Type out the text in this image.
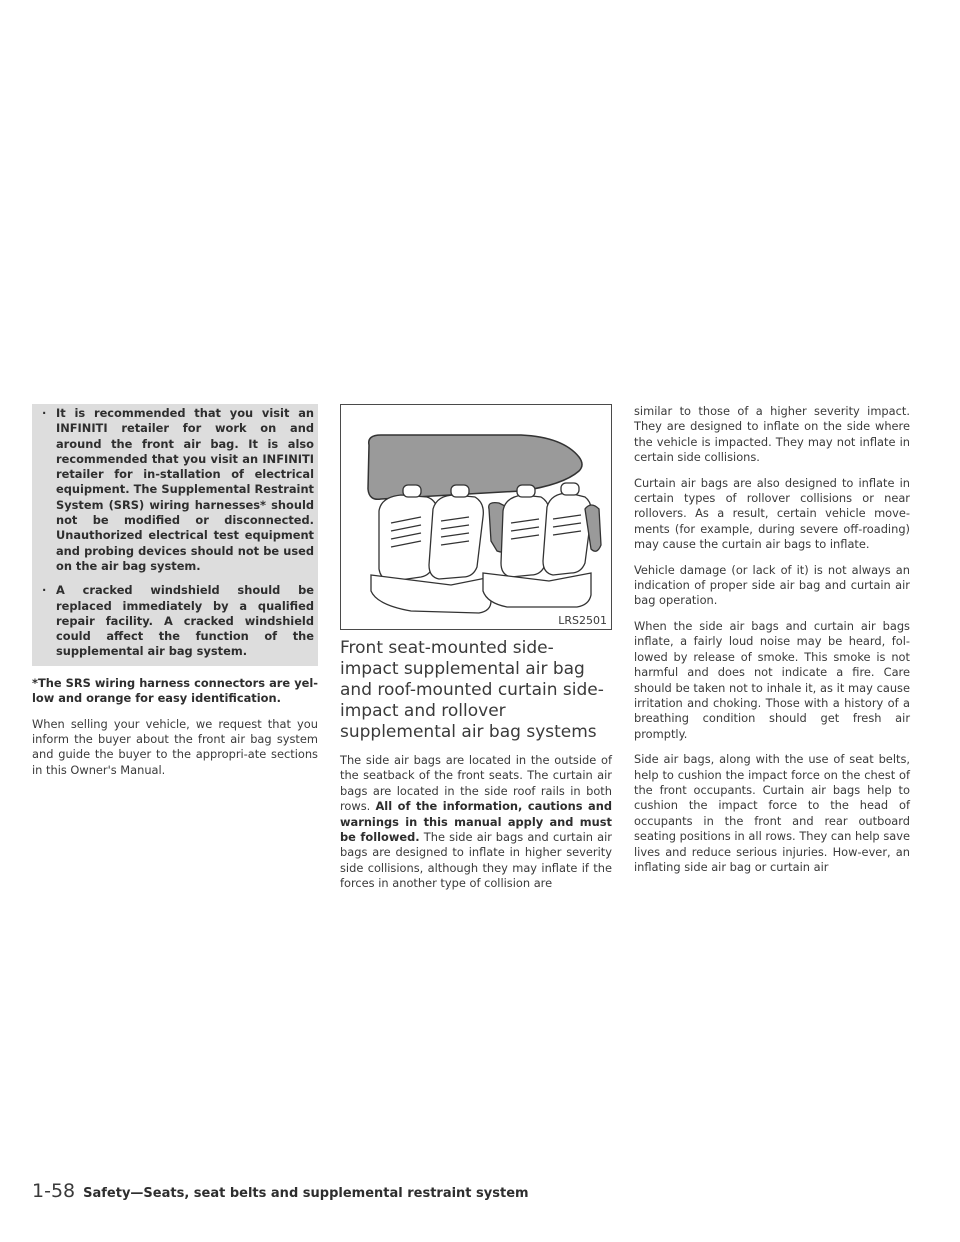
· It is recommended that you visit an INFINITI retailer for work on and around the front air bag. It is also recommended that you visit an INFINITI retailer for in-stallation of electrical equipment. The Supplemental Restraint System (SRS) wiring harnesses* should not be modified or disconnected. Unauthorized electrical test equipment and probing devices should not be used on the air bag system.
· A cracked windshield should be replaced immediately by a qualified repair facility. A cracked windshield could affect the function of the supplemental air bag system.

*The SRS wiring harness connectors are yel-low and orange for easy identification.

When selling your vehicle, we request that you inform the buyer about the front air bag system and guide the buyer to the appropri-ate sections in this Owner's Manual.

LRS2501
Front seat-mounted side-impact supplemental air bag and roof-mounted curtain side-impact and rollover supplemental air bag systems

The side air bags are located in the outside of the seatback of the front seats. The curtain air bags are located in the side roof rails in both rows. All of the information, cautions and warnings in this manual apply and must be followed. The side air bags and curtain air bags are designed to inflate in higher severity side collisions, although they may inflate if the forces in another type of collision are

similar to those of a higher severity impact. They are designed to inflate on the side where the vehicle is impacted. They may not inflate in certain side collisions.

Curtain air bags are also designed to inflate in certain types of rollover collisions or near rollovers. As a result, certain vehicle move-ments (for example, during severe off-roading) may cause the curtain air bags to inflate.

Vehicle damage (or lack of it) is not always an indication of proper side air bag and curtain air bag operation.

When the side air bags and curtain air bags inflate, a fairly loud noise may be heard, fol-lowed by release of smoke. This smoke is not harmful and does not indicate a fire. Care should be taken not to inhale it, as it may cause irritation and choking. Those with a history of a breathing condition should get fresh air promptly.

Side air bags, along with the use of seat belts, help to cushion the impact force on the chest of the front occupants. Curtain air bags help to cushion the impact force to the head of occupants in the front and rear outboard seating positions in all rows. They can help save lives and reduce serious injuries. How-ever, an inflating side air bag or curtain air

1-58 Safety—Seats, seat belts and supplemental restraint system
